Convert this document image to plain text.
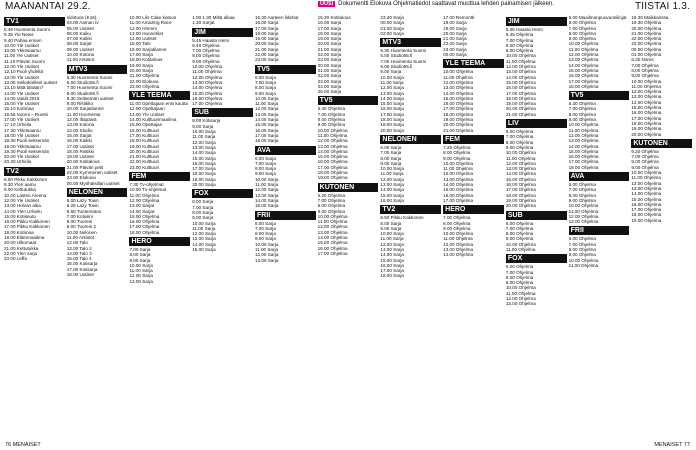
MAANANTAI 29.2.	UUSI Dokumentti Elokuva Ohjelmatiedot saattavat muuttua lehden painamisen jälkeen.	TIISTAI 1.3.
TV1
5.45 Huomenta Suomi
9.35 Yle News
9.40 Pahaa ennen
10.00 Yle Uutiset
10.05 Ykkösaamu
11.00 Yle Uutiset
11.10 Päivän Suomi
12.00 Yle Uutiset
12.10 Puoli yhdeltä
13.00 Yle Uutiset
13.05 Selkokieliset uutiset
13.10 Mitä tänään?
14.00 Yle Uutiset
14.05 Vaalit 2016
15.00 Yle Uutiset
15.10 Kotimaa
15.55 Suomi – Ruotsi
17.00 Yle Uutiset
17.10 Urheilu
17.30 Ykkösaamu
18.00 Yle Uutiset
18.30 Puoli seitsemän
19.00 Ykkösaamu
19.30 Puoli seitsemän
20.00 Yle Uutiset
20.30 Urheilu
TV2
6.50 Pikku Kakkonen
8.30 Ylen aamu
9.00 Kettutukka
10.00 Lasten Areena
12.00 Yle Uutiset
13.00 Hoivan aika
14.00 Ylen Urheilu
15.00 Kotiseutu
16.00 Pikku Kakkonen
17.00 Pikku Kakkonen
18.00 Kotimaa
19.00 Eläinmaailma
20.00 Ulkomaat
21.00 Kettutukka
22.00 Ylen sarja
23.00 Leffa
sidotuos (K16).
04.00 Aamun tv
05.00 Uutiset
06.00 Kaiku
07.00 Kaikki
08.00 Sarjat
09.00 Uutiset
10.00 Kotona
11.00 Arkistot
MTV3
5.30 Huomenta Suomi
6.00 Studio55.fi
7.00 Huomenta Suomi
8.00 Studio55.fi
8.30 Seitsemän uutiset
9.00 Ristikko
10.00 Sarjatilanne
11.00 Huomenta
12.00 Iltapäivä
13.00 Kotona
14.00 Studio
15.00 Sarjat
16.00 Kaikki
17.00 Uutiset
18.00 Ristiksi
19.00 Uutiset
20.00 Kotitalous
21.00 Päivän pelit
22.00 Kymmenen uutiset
23.00 Elokuva
00.00 Myöhäisillan uutiset
NELONEN
6.00 Lazy Town
6.25 Lazy Town
6.50 Tuntematon
7.00 Kotiviini
8.00 Tuorein
9.00 Tuorein 2
10.00 Nelonen
11.00 Arkistot
12.00 Talo
13.00 Talo 2
14.00 Talo 3
15.00 Talo 4
16.00 Kotisarja
17.00 Kotisarja
18.00 Uutiset
10.00 Lilo Cake katoos
11.00 Amazing Race
12.00 Hmmm
13.00 Huonetilat
14.00 Uutiset
15.00 Talo
16.00 Sarjatilanne
17.00 Sarja
18.00 Kotitalous
19.00 Sarja
20.00 Sarja
21.00 Ohjelma
22.00 Elokuva
23.00 Ohjelma
YLE TEEMA
11.00 Opettajaan ensi kautta
12.00 Opettajaan
13.00 Yle Uutiset
14.00 Kulttuurimaailma
15.00 Opettajan
16.00 Kulttuuri
17.00 Kulttuuri
18.00 Kulttuuri
19.00 Kulttuuri
20.00 Kulttuuri
21.00 Kulttuuri
22.00 Kulttuuri
23.00 Kulttuuri
FEM
7.30 Tv-ohjelmat
10.00 Tv-ohjelmat
11.00 Ohjelma
12.00 Ohjelma
13.00 Sarjat
14.00 Sarjat
15.00 Ohjelma
16.00 Ohjelma
17.00 Ohjelma
18.00 Ohjelma
HERO
7.00 Sarja
8.00 Sarja
9.00 Sarja
10.00 Sarja
11.00 Sarja
12.00 Sarja
13.00 Sarja
1.00 1.30 Miltä alkaa
1.30 Sarjat
JIM
5.45 Haasta Hemi
6.40 Ohjelma
7.00 Ohjelma
8.00 Ohjelma
9.00 Ohjelma
10.00 Ohjelma
11.00 Ohjelma
12.00 Ohjelma
13.00 Ohjelma
14.00 Ohjelma
15.00 Ohjelma
16.00 Ohjelma
17.00 Ohjelma
SUB
8.00 Kotisarja
9.00 Sarja
10.00 Sarja
11.00 Sarja
12.00 Sarja
13.00 Sarja
14.00 Sarja
15.00 Sarja
16.00 Sarja
17.00 Sarja
18.00 Sarja
19.00 Sarja
20.00 Sarja
FOX
6.00 Sarja
7.00 Sarja
8.00 Sarja
9.00 Sarja
10.00 Sarja
11.00 Sarja
12.00 Sarja
13.00 Sarja
14.00 Sarja
15.00 Sarja
15.30 Aarteen lidehat
16.00 Sarja
17.00 Sarja
18.00 Sarja
19.00 Sarja
20.00 Sarja
21.00 Sarja
22.00 Sarja
23.00 Sarja
TV5
6.00 Sarja
7.00 Sarja
8.00 Sarja
9.00 Sarja
10.00 Sarja
11.00 Sarja
12.00 Sarja
13.00 Sarja
14.00 Sarja
15.00 Sarja
16.00 Sarja
17.00 Sarja
18.00 Sarja
AVA
6.00 Sarja
7.00 Sarja
8.00 Sarja
9.00 Sarja
10.00 Sarja
11.00 Sarja
12.00 Sarja
13.00 Sarja
14.00 Sarja
15.00 Sarja
FRII
6.00 Sarja
7.00 Sarja
8.00 Sarja
9.00 Sarja
10.00 Sarja
11.00 Sarja
12.00 Sarja
13.00 Sarja
15.30 Kotitalous
16.00 Sarja
17.00 Sarja
18.00 Sarja
19.00 Sarja
20.00 Sarja
21.00 Sarja
22.00 Sarja
23.00 Sarja
00.00 Sarja
01.00 Sarja
02.00 Sarja
03.00 Sarja
04.00 Sarja
05.00 Sarja
TV5
6.40 Ohjelma
7.00 Ohjelma
8.00 Ohjelma
9.00 Ohjelma
10.00 Ohjelma
11.00 Ohjelma
12.00 Ohjelma
13.00 Ohjelma
14.00 Ohjelma
15.00 Ohjelma
16.00 Ohjelma
17.00 Ohjelma
18.00 Ohjelma
19.00 Ohjelma
KUTONEN
6.20 Ohjelma
7.00 Ohjelma
8.00 Ohjelma
9.00 Ohjelma
10.00 Ohjelma
11.00 Ohjelma
12.00 Ohjelma
13.00 Ohjelma
14.00 Ohjelma
15.00 Ohjelma
16.00 Ohjelma
17.00 Ohjelma
23.40 Sarja
00.00 Sarja
01.00 Sarja
02.00 Sarja
MTV3
5.30 Huomenta Suomi
6.00 Studio55.fi
7.00 Huomenta Suomi
8.00 Studio55.fi
9.00 Sarja
10.00 Sarja
11.00 Sarja
12.00 Sarja
13.00 Sarja
14.00 Sarja
15.00 Sarja
16.00 Sarja
17.00 Sarja
18.00 Sarja
19.00 Sarja
20.00 Sarja
NELONEN
6.00 Sarja
7.00 Sarja
8.00 Sarja
9.00 Sarja
10.00 Sarja
11.00 Sarja
12.00 Sarja
13.00 Sarja
14.00 Sarja
15.00 Sarja
16.00 Sarja
TV2
6.50 Pikku Kakkonen
8.00 Sarja
9.00 Sarja
10.00 Sarja
11.00 Sarja
12.00 Sarja
13.00 Sarja
14.00 Sarja
15.00 Sarja
16.00 Sarja
17.00 Sarja
18.00 Sarja
17.00 Remontti
18.00 Sarja
19.00 Sarja
20.00 Sarja
21.00 Sarja
22.00 Sarja
23.00 Sarja
00.00 Sarja
YLE TEEMA
10.00 Ohjelma
11.00 Ohjelma
12.00 Ohjelma
13.00 Ohjelma
14.00 Ohjelma
15.00 Ohjelma
16.00 Ohjelma
17.00 Ohjelma
18.00 Ohjelma
19.00 Ohjelma
20.00 Ohjelma
21.00 Ohjelma
FEM
7.25 Ohjelma
8.00 Ohjelma
9.00 Ohjelma
10.00 Ohjelma
11.00 Ohjelma
12.00 Ohjelma
13.00 Ohjelma
14.00 Ohjelma
15.00 Ohjelma
16.00 Ohjelma
17.00 Ohjelma
HERO
7.00 Ohjelma
8.00 Ohjelma
9.00 Ohjelma
10.00 Ohjelma
11.00 Ohjelma
12.00 Ohjelma
13.00 Ohjelma
14.00 Ohjelma
JIM
5.45 Haasta Hemi
6.45 Ohjelma
7.00 Ohjelma
8.00 Ohjelma
9.00 Ohjelma
10.00 Ohjelma
11.00 Ohjelma
12.00 Ohjelma
13.00 Ohjelma
14.00 Ohjelma
15.00 Ohjelma
16.00 Ohjelma
17.00 Ohjelma
18.00 Ohjelma
19.00 Ohjelma
20.00 Ohjelma
21.00 Ohjelma
LIV
6.00 Ohjelma
7.00 Ohjelma
8.00 Ohjelma
9.00 Ohjelma
10.00 Ohjelma
11.00 Ohjelma
12.00 Ohjelma
13.00 Ohjelma
14.00 Ohjelma
15.00 Ohjelma
16.00 Ohjelma
17.00 Ohjelma
18.00 Ohjelma
19.00 Ohjelma
20.00 Ohjelma
SUB
6.00 Ohjelma
7.00 Ohjelma
8.00 Ohjelma
9.00 Ohjelma
10.00 Ohjelma
11.00 Ohjelma
FOX
6.00 Ohjelma
7.00 Ohjelma
8.00 Ohjelma
9.00 Ohjelma
10.00 Ohjelma
11.00 Ohjelma
12.00 Ohjelma
13.00 Ohjelma
5.00 Maailmanpuuvuosilinjat
6.00 Ohjelma
7.00 Ohjelma
8.00 Ohjelma
9.00 Ohjelma
10.00 Ohjelma
11.00 Ohjelma
12.00 Ohjelma
13.00 Ohjelma
14.00 Ohjelma
15.00 Ohjelma
16.00 Ohjelma
17.00 Ohjelma
18.00 Ohjelma
TV5
6.30 Ohjelma
7.00 Ohjelma
8.00 Ohjelma
9.00 Ohjelma
10.00 Ohjelma
11.00 Ohjelma
12.00 Ohjelma
13.00 Ohjelma
14.00 Ohjelma
15.00 Ohjelma
16.00 Ohjelma
17.00 Ohjelma
18.00 Ohjelma
AVA
6.00 Ohjelma
7.00 Ohjelma
8.00 Ohjelma
9.00 Ohjelma
10.00 Ohjelma
11.00 Ohjelma
12.00 Ohjelma
13.00 Ohjelma
FRII
6.00 Ohjelma
7.00 Ohjelma
8.00 Ohjelma
9.00 Ohjelma
10.00 Ohjelma
11.00 Ohjelma
18.30 Maikkarissa
19.30 Ohjelma
20.00 Ohjelma
21.00 Ohjelma
22.00 Ohjelma
23.00 Ohjelma
00.00 Ohjelma
01.00 Ohjelma
6.30 Noms
7.00 Ohjelma
8.00 Ohjelma
9.00 Ohjelma
10.00 Ohjelma
11.00 Ohjelma
12.00 Ohjelma
13.00 Ohjelma
14.00 Ohjelma
15.00 Ohjelma
16.00 Ohjelma
17.00 Ohjelma
18.00 Ohjelma
19.00 Ohjelma
20.00 Ohjelma
KUTONEN
6.20 Ohjelma
7.00 Ohjelma
8.00 Ohjelma
9.00 Ohjelma
10.00 Ohjelma
11.00 Ohjelma
12.00 Ohjelma
13.00 Ohjelma
14.00 Ohjelma
15.00 Ohjelma
16.00 Ohjelma
17.00 Ohjelma
18.00 Ohjelma
19.00 Ohjelma
76 MENAISET	MENAISET 77
